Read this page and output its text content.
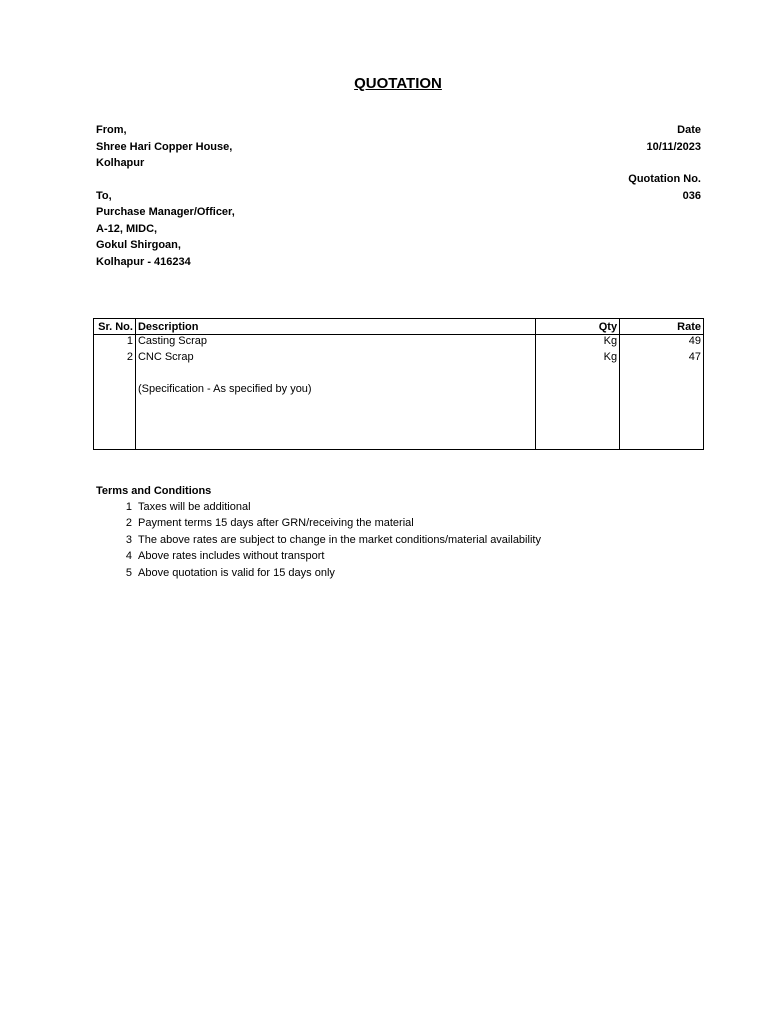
QUOTATION
From,
Shree Hari Copper House,
Kolhapur
Date
10/11/2023
Quotation No.
036
To,
Purchase Manager/Officer,
A-12, MIDC,
Gokul Shirgoan,
Kolhapur - 416234
Sr. No.	Description	Qty	Rate
1	Casting Scrap	Kg	49
2	CNC Scrap	Kg	47

	(Specification - As specified by you)		

Terms and Conditions
1 Taxes will be additional
2 Payment terms 15 days after GRN/receiving the material
3 The above rates are subject to change in the market conditions/material availability
4 Above rates includes without transport
5 Above quotation is valid for 15 days only
